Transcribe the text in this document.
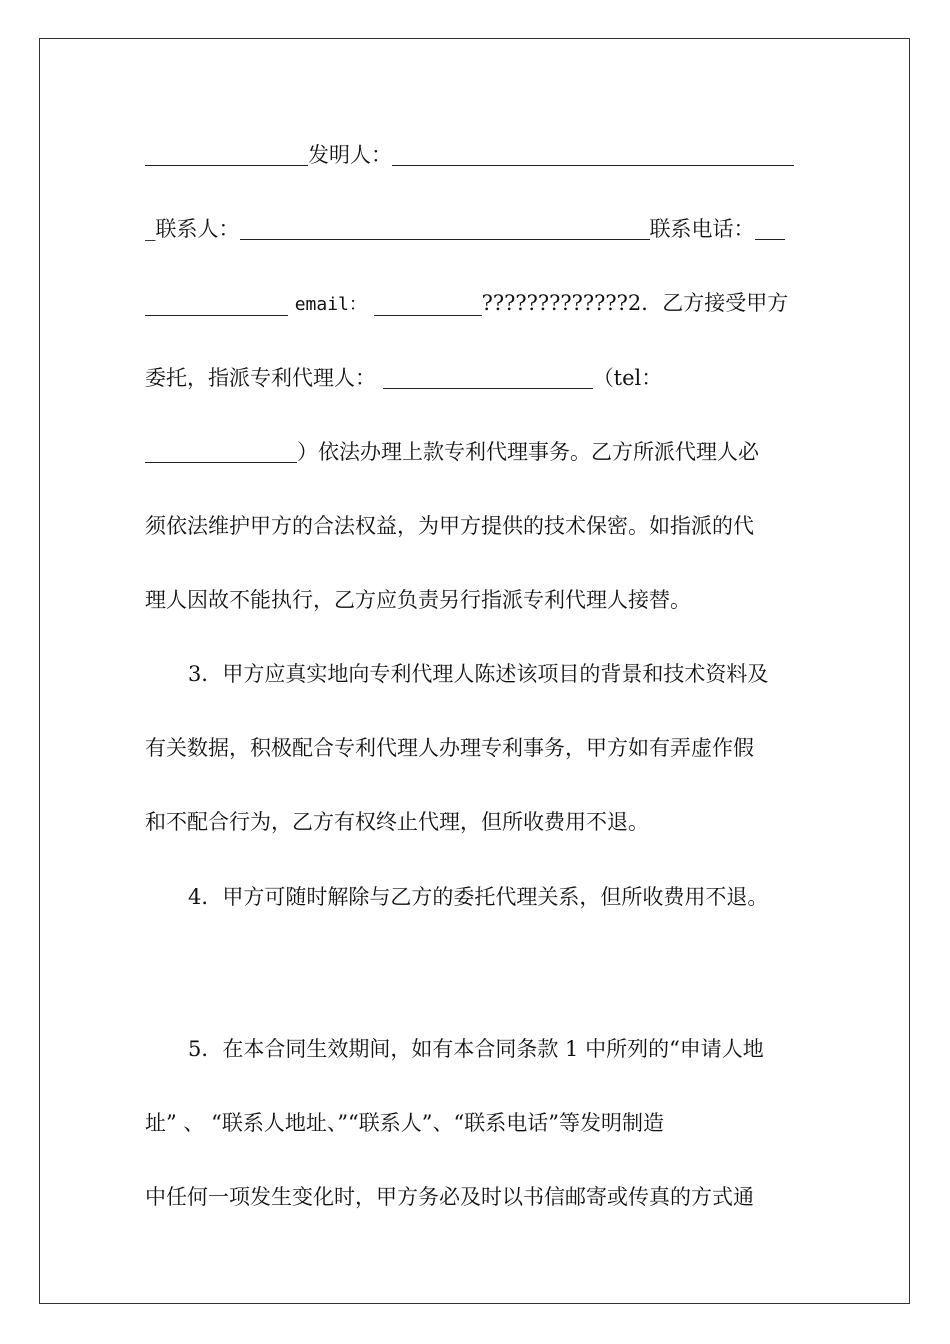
发明人：
_联系人：	联系电话：
email：	?????????????2．乙方接受甲方
委托，指派专利代理人：	（tel：
）依法办理上款专利代理事务。乙方所派代理人必
须依法维护甲方的合法权益，为甲方提供的技术保密。如指派的代
理人因故不能执行，乙方应负责另行指派专利代理人接替。
3．甲方应真实地向专利代理人陈述该项目的背景和技术资料及
有关数据，积极配合专利代理人办理专利事务，甲方如有弄虚作假
和不配合行为，乙方有权终止代理，但所收费用不退。
4．甲方可随时解除与乙方的委托代理关系，但所收费用不退。
5．在本合同生效期间，如有本合同条款 1 中所列的“申请人地
址” 、 “联系人地址、”“联系人”、“联系电话”等发明制造
中任何一项发生变化时，甲方务必及时以书信邮寄或传真的方式通
